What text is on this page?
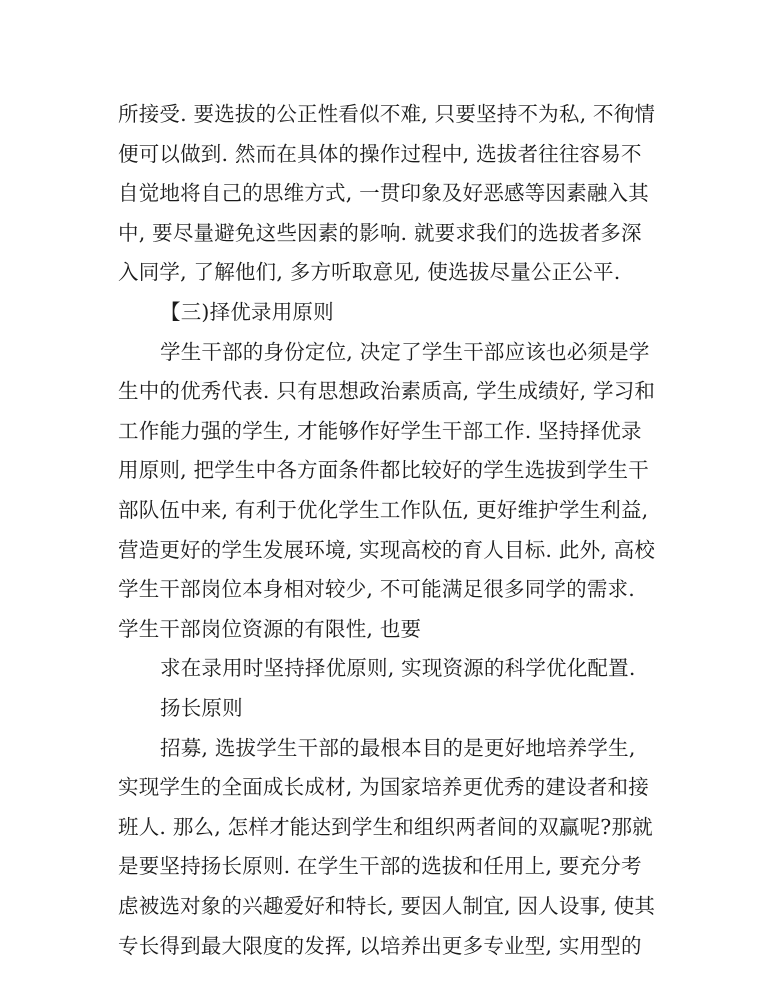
所接受. 要选拔的公正性看似不难, 只要坚持不为私, 不徇情
便可以做到. 然而在具体的操作过程中, 选拔者往往容易不
自觉地将自己的思维方式, 一贯印象及好恶感等因素融入其
中, 要尽量避免这些因素的影响. 就要求我们的选拔者多深
入同学, 了解他们, 多方听取意见, 使选拔尽量公正公平.
【三)择优录用原则
学生干部的身份定位, 决定了学生干部应该也必须是学
生中的优秀代表. 只有思想政治素质高, 学生成绩好, 学习和
工作能力强的学生, 才能够作好学生干部工作. 坚持择优录
用原则, 把学生中各方面条件都比较好的学生选拔到学生干
部队伍中来, 有利于优化学生工作队伍, 更好维护学生利益,
营造更好的学生发展环境, 实现高校的育人目标. 此外, 高校
学生干部岗位本身相对较少, 不可能满足很多同学的需求.
学生干部岗位资源的有限性, 也要
求在录用时坚持择优原则, 实现资源的科学优化配置.
扬长原则
招募, 选拔学生干部的最根本目的是更好地培养学生,
实现学生的全面成长成材, 为国家培养更优秀的建设者和接
班人. 那么, 怎样才能达到学生和组织两者间的双赢呢?那就
是要坚持扬长原则. 在学生干部的选拔和任用上, 要充分考
虑被选对象的兴趣爱好和特长, 要因人制宜, 因人设事, 使其
专长得到最大限度的发挥, 以培养出更多专业型, 实用型的
